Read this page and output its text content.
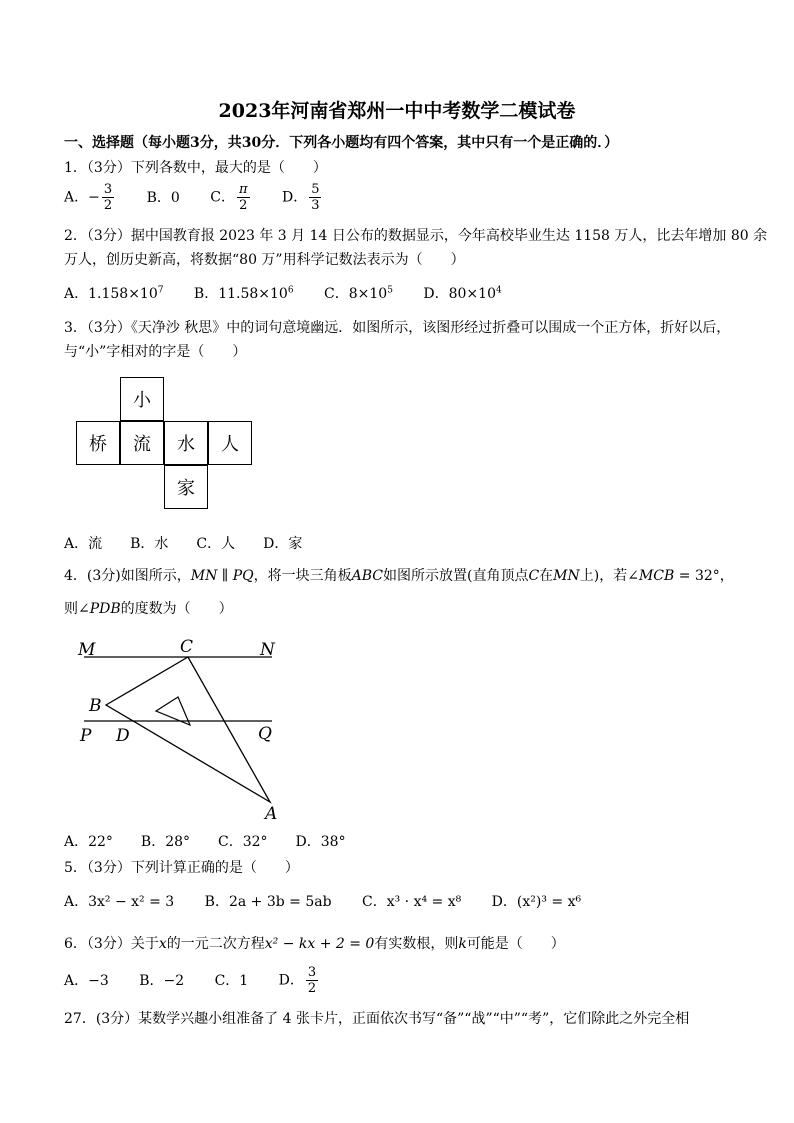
2023年河南省郑州一中中考数学二模试卷
一、选择题（每小题3分，共30分．下列各小题均有四个答案，其中只有一个是正确的．）
1．（3分）下列各数中，最大的是（　　）
A．− $\frac{3}{2}$ B．0 C． $\frac{\pi}{2}$ D． $\frac{5}{3}$
2．（3分）据中国教育报 2023 年 3 月 14 日公布的数据显示，今年高校毕业生达 1158 万人，比去年增加 80 余
万人，创历史新高，将数据“80 万”用科学记数法表示为（　　）
A．$1.158\times 10^7$ B．$11.58\times 10^6$ C．$8\times 10^5$ D．$80\times 10^4$
3．（3分）《天净沙 秋思》中的词句意境幽远．如图所示，该图形经过折叠可以围成一个正方体，折好以后，
与“小”字相对的字是（　　）
小
桥	流	水	人
家
A．流　　B．水　　C．人　　D．家
4．(3分)如图所示，MN ∥ PQ，将一块三角板ABC如图所示放置(直角顶点C在MN上)，若∠MCB = 32°，
则∠PDB的度数为（　　）
M	C	N
B
P D	Q
A
A．22°　　B．28°　　C．32°　　D．38°
5．（3分）下列计算正确的是（　　）
A．3x² − x² = 3 B．2a + 3b = 5ab C．x³ · x⁴ = x⁸ D．(x²)³ = x⁶
6．（3分）关于x的一元二次方程x² − kx + 2 = 0有实数根，则k可能是（　　）
A．−3 B．−2 C．1 D． $\frac{3}{2}$
27．(3分）某数学兴趣小组准备了 4 张卡片，正面依次书写“备”“战”“中”“考”，它们除此之外完全相
